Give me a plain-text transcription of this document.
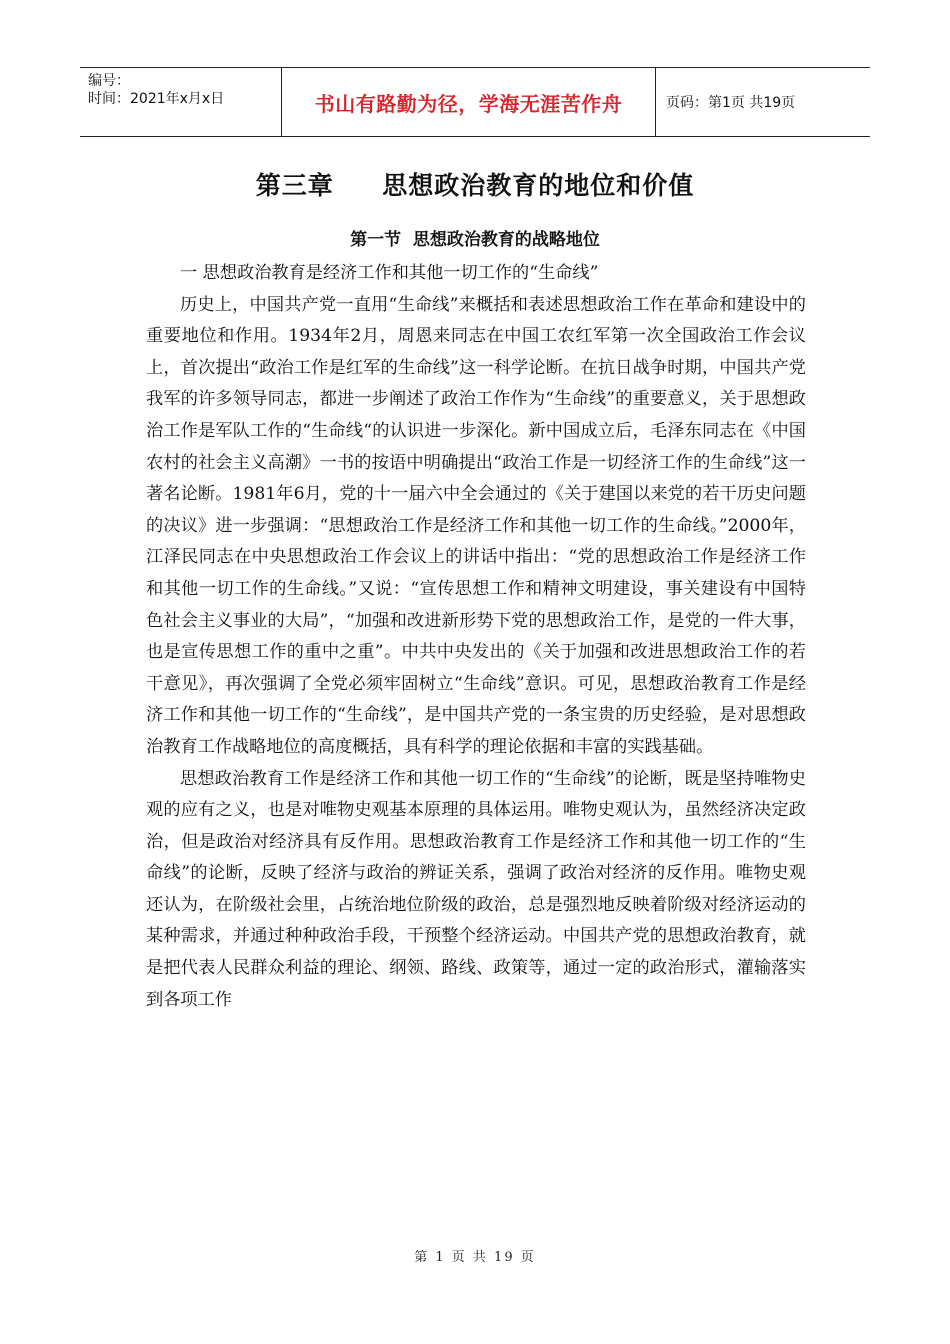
编号：
时间：2021年x月x日	书山有路勤为径，学海无涯苦作舟	页码：第1页 共19页
第三章     思想政治教育的地位和价值
第一节  思想政治教育的战略地位

一 思想政治教育是经济工作和其他一切工作的“生命线”

历史上，中国共产党一直用“生命线”来概括和表述思想政治工作在革命和建设中的重要地位和作用。1934年2月，周恩来同志在中国工农红军第一次全国政治工作会议上，首次提出“政治工作是红军的生命线”这一科学论断。在抗日战争时期，中国共产党我军的许多领导同志，都进一步阐述了政治工作作为“生命线”的重要意义，关于思想政治工作是军队工作的“生命线“的认识进一步深化。新中国成立后，毛泽东同志在《中国农村的社会主义高潮》一书的按语中明确提出“政治工作是一切经济工作的生命线”这一著名论断。1981年6月，党的十一届六中全会通过的《关于建国以来党的若干历史问题的决议》进一步强调：“思想政治工作是经济工作和其他一切工作的生命线。”2000年，江泽民同志在中央思想政治工作会议上的讲话中指出：“党的思想政治工作是经济工作和其他一切工作的生命线。”又说：“宣传思想工作和精神文明建设，事关建设有中国特色社会主义事业的大局”，“加强和改进新形势下党的思想政治工作，是党的一件大事，也是宣传思想工作的重中之重”。中共中央发出的《关于加强和改进思想政治工作的若干意见》，再次强调了全党必须牢固树立“生命线”意识。可见，思想政治教育工作是经济工作和其他一切工作的“生命线”，是中国共产党的一条宝贵的历史经验，是对思想政治教育工作战略地位的高度概括，具有科学的理论依据和丰富的实践基础。

思想政治教育工作是经济工作和其他一切工作的“生命线”的论断，既是坚持唯物史观的应有之义，也是对唯物史观基本原理的具体运用。唯物史观认为，虽然经济决定政治，但是政治对经济具有反作用。思想政治教育工作是经济工作和其他一切工作的“生命线”的论断，反映了经济与政治的辨证关系，强调了政治对经济的反作用。唯物史观还认为，在阶级社会里，占统治地位阶级的政治，总是强烈地反映着阶级对经济运动的某种需求，并通过种种政治手段，干预整个经济运动。中国共产党的思想政治教育，就是把代表人民群众利益的理论、纲领、路线、政策等，通过一定的政治形式，灌输落实到各项工作

第 1 页 共 19 页
